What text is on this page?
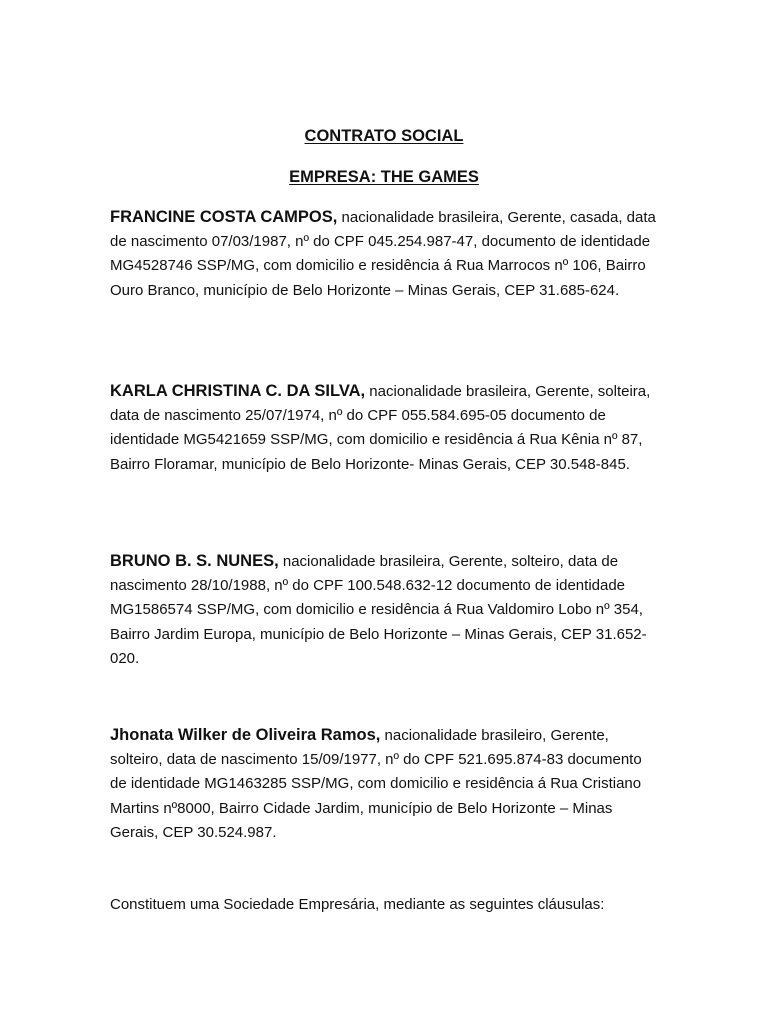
CONTRATO SOCIAL
EMPRESA: THE GAMES

FRANCINE COSTA CAMPOS, nacionalidade brasileira, Gerente, casada, data de nascimento 07/03/1987, nº do CPF 045.254.987-47, documento de identidade MG4528746 SSP/MG, com domicilio e residência á Rua Marrocos nº 106, Bairro Ouro Branco, município de Belo Horizonte – Minas Gerais, CEP 31.685-624.

KARLA CHRISTINA C. DA SILVA, nacionalidade brasileira, Gerente, solteira, data de nascimento 25/07/1974, nº do CPF 055.584.695-05 documento de identidade MG5421659 SSP/MG, com domicilio e residência á Rua Kênia nº 87, Bairro Floramar, município de Belo Horizonte- Minas Gerais, CEP 30.548-845.

BRUNO B. S. NUNES, nacionalidade brasileira, Gerente, solteiro, data de nascimento 28/10/1988, nº do CPF 100.548.632-12 documento de identidade MG1586574 SSP/MG, com domicilio e residência á Rua Valdomiro Lobo nº 354, Bairro Jardim Europa, município de Belo Horizonte – Minas Gerais, CEP 31.652-020.

Jhonata Wilker de Oliveira Ramos, nacionalidade brasileiro, Gerente, solteiro, data de nascimento 15/09/1977, nº do CPF 521.695.874-83 documento de identidade MG1463285 SSP/MG, com domicilio e residência á Rua Cristiano Martins nº8000, Bairro Cidade Jardim, município de Belo Horizonte – Minas Gerais, CEP 30.524.987.

Constituem uma Sociedade Empresária, mediante as seguintes cláusulas:
